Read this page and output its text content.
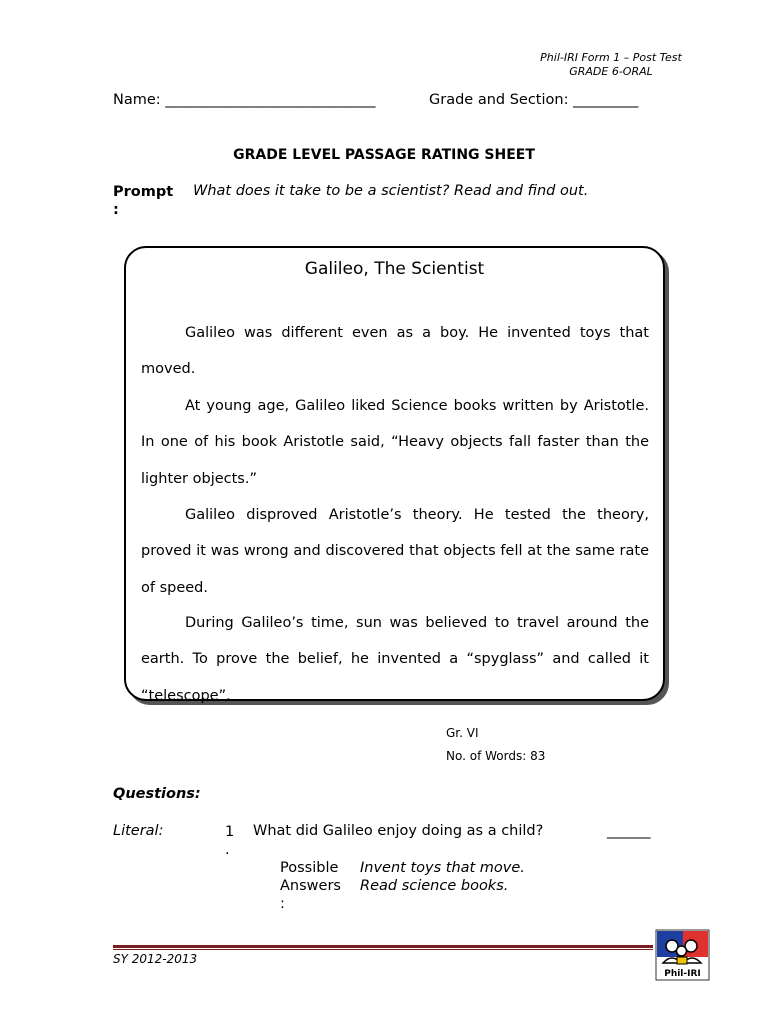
Phil-IRI Form 1 – Post Test
GRADE 6-ORAL
Name: _____________________________	Grade and Section: _________
GRADE LEVEL PASSAGE RATING SHEET
Prompt
:
What does it take to be a scientist? Read and find out.
Galileo, The Scientist

Galileo was different even as a boy. He invented toys that moved.

At young age, Galileo liked Science books written by Aristotle. In one of his book Aristotle said, “Heavy objects fall faster than the lighter objects.”

Galileo disproved Aristotle’s theory. He tested the theory, proved it was wrong and discovered that objects fell at the same rate of speed.

During Galileo’s time, sun was believed to travel around the earth. To prove the belief, he invented a “spyglass” and called it “telescope”.

Gr. VI
No. of Words: 83
Questions:
Literal:	1
.
What did Galileo enjoy doing as a child?	______
Possible
Answers
:
Invent toys that move.
Read science books.
SY 2012-2013
Phil-IRI
